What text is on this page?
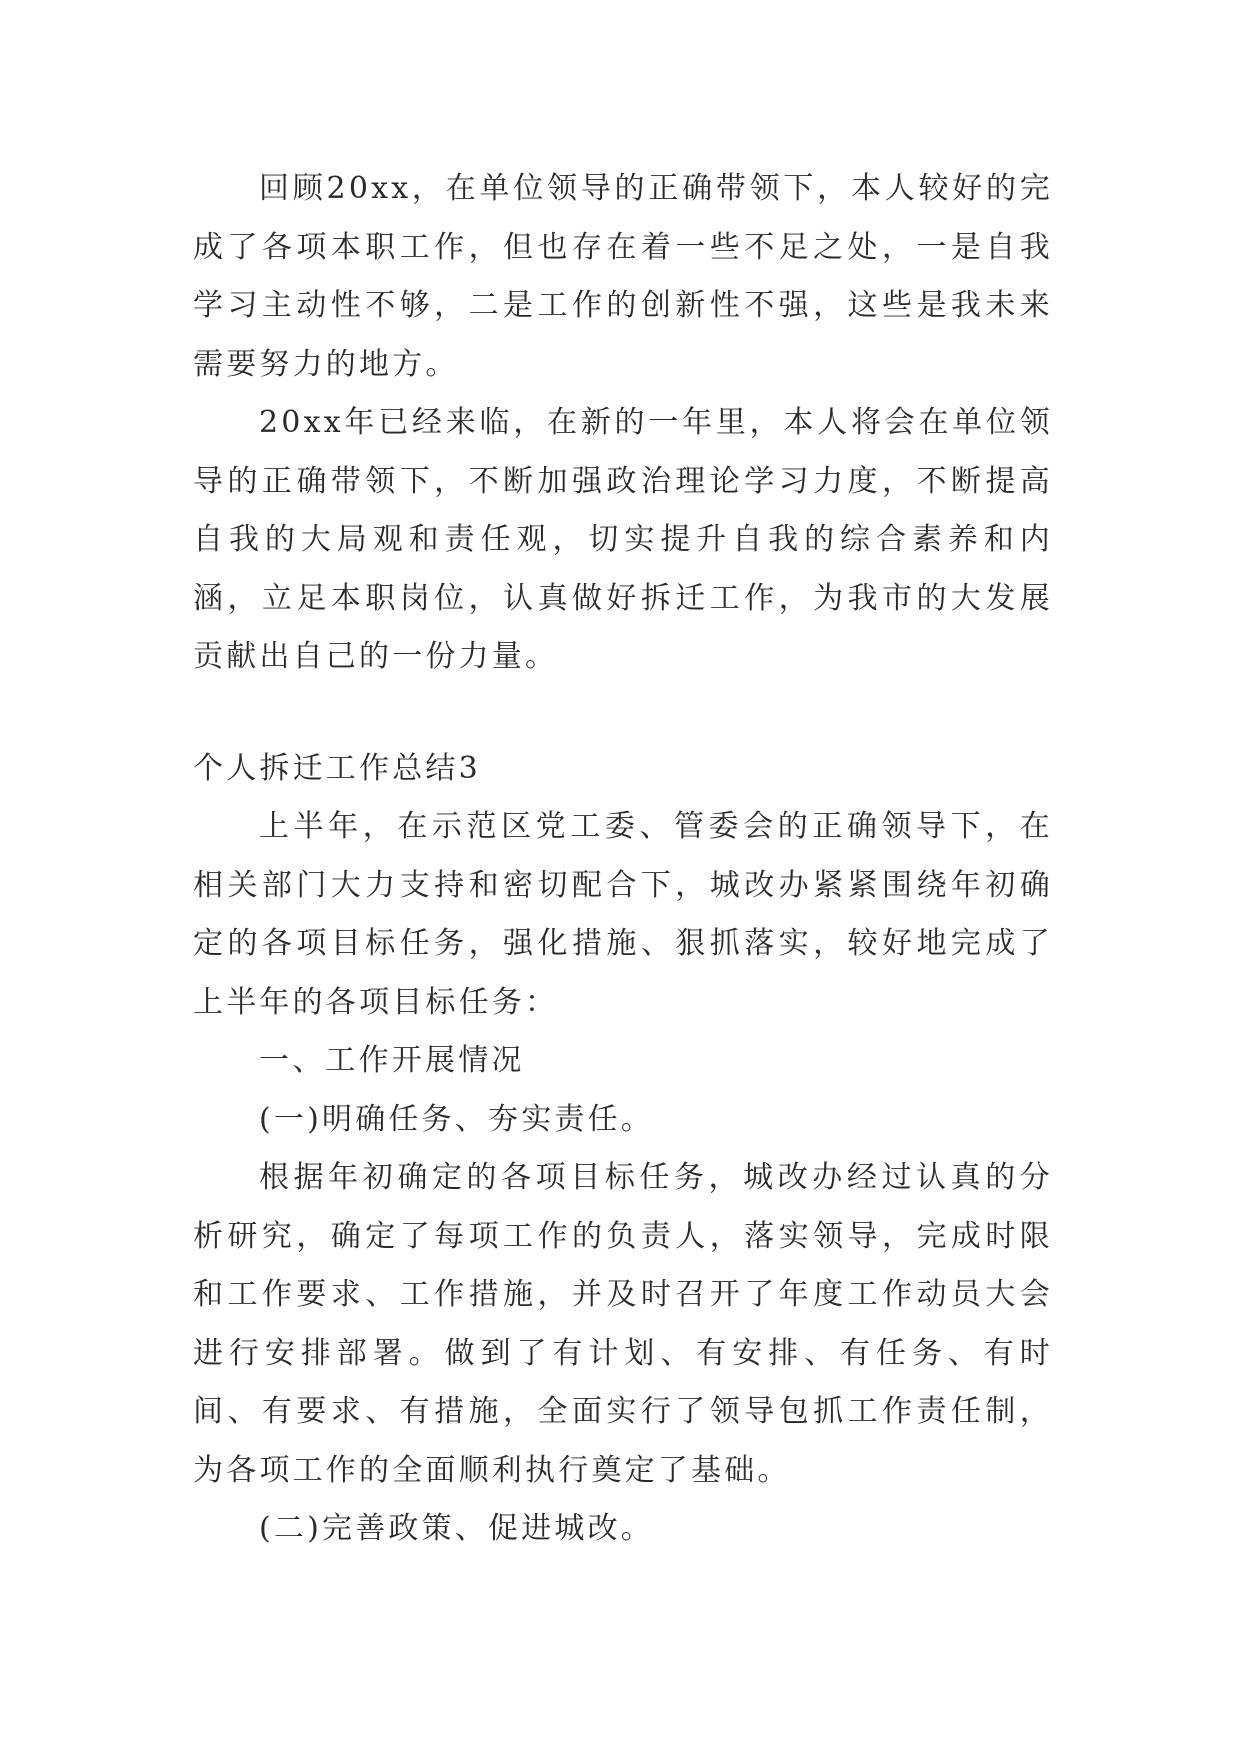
回顾20xx，在单位领导的正确带领下，本人较好的完成了各项本职工作，但也存在着一些不足之处，一是自我学习主动性不够，二是工作的创新性不强，这些是我未来需要努力的地方。

20xx年已经来临，在新的一年里，本人将会在单位领导的正确带领下，不断加强政治理论学习力度，不断提高自我的大局观和责任观，切实提升自我的综合素养和内涵，立足本职岗位，认真做好拆迁工作，为我市的大发展贡献出自己的一份力量。

个人拆迁工作总结3

上半年，在示范区党工委、管委会的正确领导下，在相关部门大力支持和密切配合下，城改办紧紧围绕年初确定的各项目标任务，强化措施、狠抓落实，较好地完成了上半年的各项目标任务：

一、工作开展情况

(一)明确任务、夯实责任。

根据年初确定的各项目标任务，城改办经过认真的分析研究，确定了每项工作的负责人，落实领导，完成时限和工作要求、工作措施，并及时召开了年度工作动员大会进行安排部署。做到了有计划、有安排、有任务、有时间、有要求、有措施，全面实行了领导包抓工作责任制，为各项工作的全面顺利执行奠定了基础。

(二)完善政策、促进城改。
